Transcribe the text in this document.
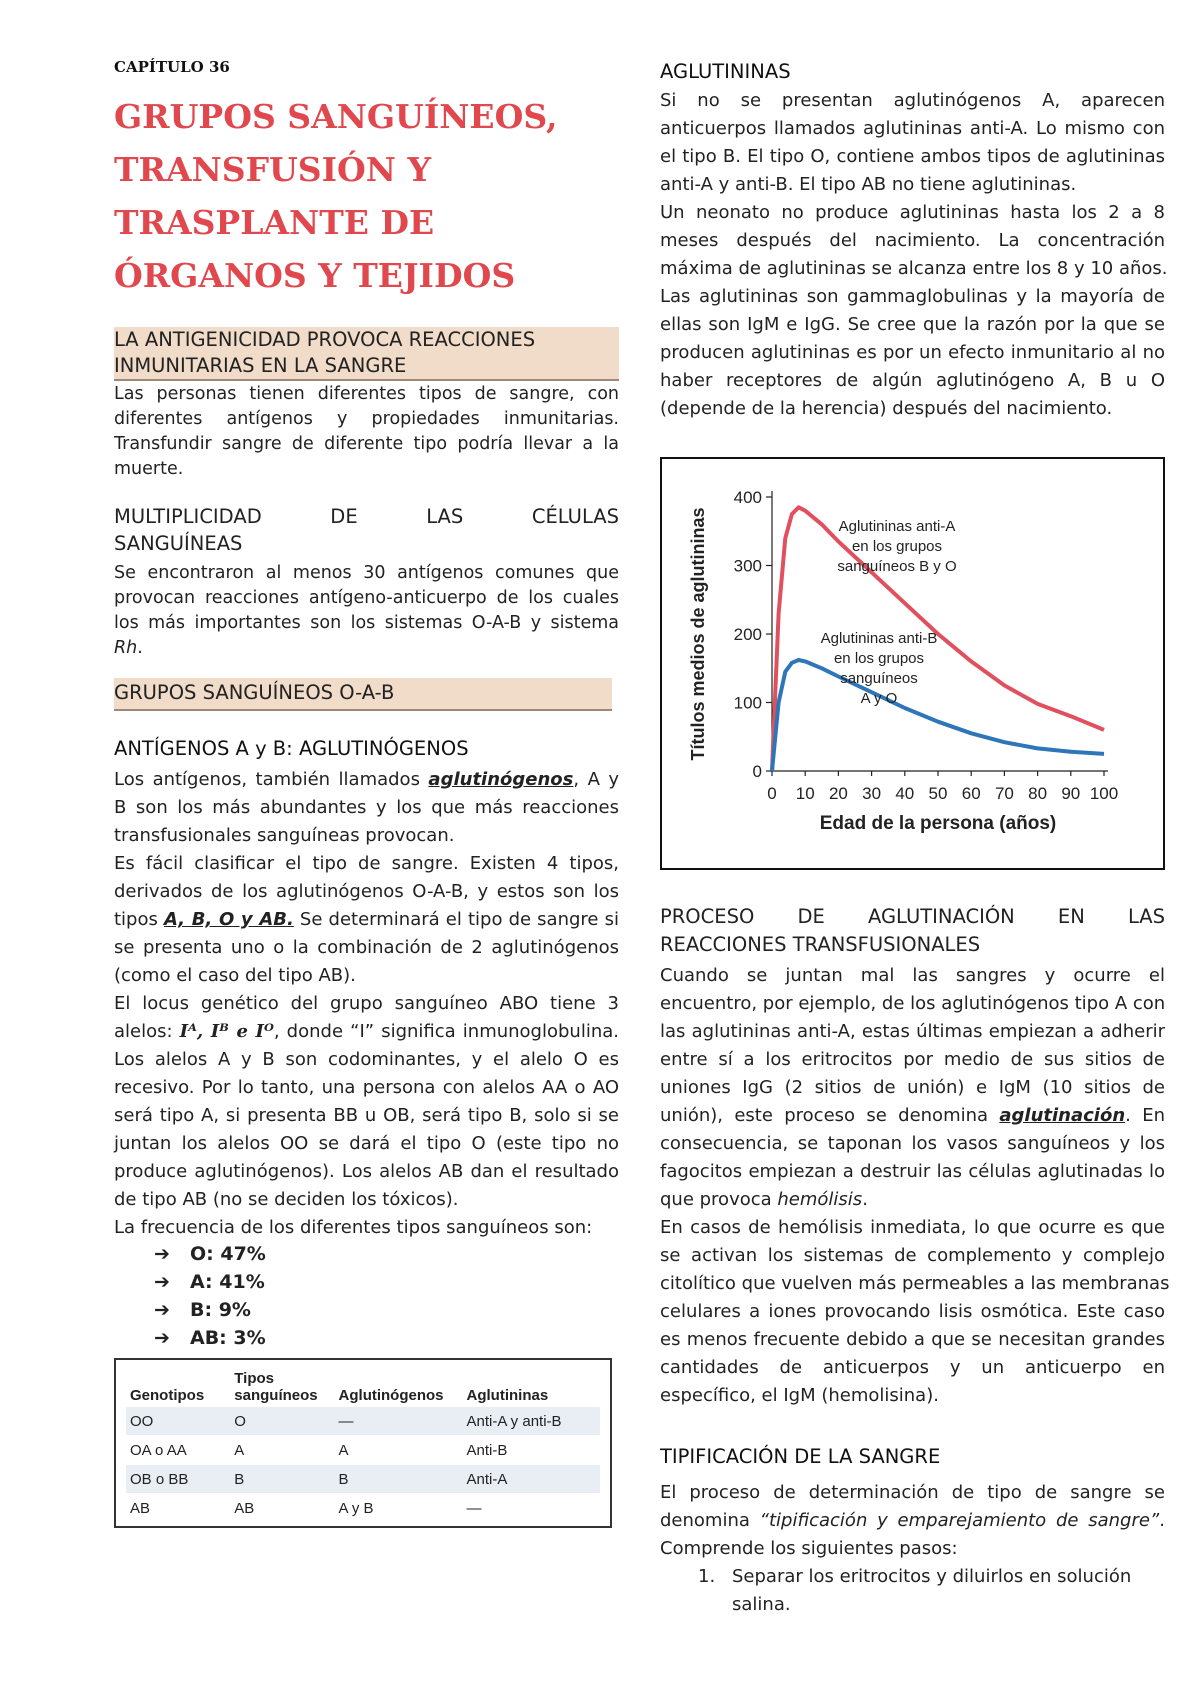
CAPÍTULO 36
GRUPOS SANGUÍNEOS,
TRANSFUSIÓN Y
TRASPLANTE DE
ÓRGANOS Y TEJIDOS
LA ANTIGENICIDAD PROVOCA REACCIONES
INMUNITARIAS EN LA SANGRE
Las personas tienen diferentes tipos de sangre, con
diferentes antígenos y propiedades inmunitarias.
Transfundir sangre de diferente tipo podría llevar a la
muerte.
MULTIPLICIDAD DE LAS CÉLULAS
SANGUÍNEAS
Se encontraron al menos 30 antígenos comunes que
provocan reacciones antígeno-anticuerpo de los cuales
los más importantes son los sistemas O-A-B y sistema
Rh.
GRUPOS SANGUÍNEOS O-A-B
ANTÍGENOS A y B: AGLUTINÓGENOS
Los antígenos, también llamados aglutinógenos, A y
B son los más abundantes y los que más reacciones
transfusionales sanguíneas provocan.
Es fácil clasificar el tipo de sangre. Existen 4 tipos,
derivados de los aglutinógenos O-A-B, y estos son los
tipos A, B, O y AB. Se determinará el tipo de sangre si
se presenta uno o la combinación de 2 aglutinógenos
(como el caso del tipo AB).
El locus genético del grupo sanguíneo ABO tiene 3
alelos: Iᴬ, Iᴮ e Iᴼ, donde “I” significa inmunoglobulina.
Los alelos A y B son codominantes, y el alelo O es
recesivo. Por lo tanto, una persona con alelos AA o AO
será tipo A, si presenta BB u OB, será tipo B, solo si se
juntan los alelos OO se dará el tipo O (este tipo no
produce aglutinógenos). Los alelos AB dan el resultado
de tipo AB (no se deciden los tóxicos).
La frecuencia de los diferentes tipos sanguíneos son:
➔ O: 47%
➔ A: 41%
➔ B: 9%
➔ AB: 3%
Genotipos	Tipos sanguíneos	Aglutinógenos	Aglutininas
OO	O	—	Anti-A y anti-B
OA o AA	A	A	Anti-B
OB o BB	B	B	Anti-A
AB	AB	A y B	—
AGLUTININAS
Si no se presentan aglutinógenos A, aparecen
anticuerpos llamados aglutininas anti-A. Lo mismo con
el tipo B. El tipo O, contiene ambos tipos de aglutininas
anti-A y anti-B. El tipo AB no tiene aglutininas.
Un neonato no produce aglutininas hasta los 2 a 8
meses después del nacimiento. La concentración
máxima de aglutininas se alcanza entre los 8 y 10 años.
Las aglutininas son gammaglobulinas y la mayoría de
ellas son IgM e IgG. Se cree que la razón por la que se
producen aglutininas es por un efecto inmunitario al no
haber receptores de algún aglutinógeno A, B u O
(depende de la herencia) después del nacimiento.
0
100
200
300
400
0 10 20 30 40 50 60 70 80 90 100
Edad de la persona (años)
Títulos medios de aglutininas	Aglutininas anti-A
en los grupos
sanguíneos B y O
Aglutininas anti-B
en los grupos
sanguíneos
A y O
PROCESO DE AGLUTINACIÓN EN LAS
REACCIONES TRANSFUSIONALES
Cuando se juntan mal las sangres y ocurre el
encuentro, por ejemplo, de los aglutinógenos tipo A con
las aglutininas anti-A, estas últimas empiezan a adherir
entre sí a los eritrocitos por medio de sus sitios de
uniones IgG (2 sitios de unión) e IgM (10 sitios de
unión), este proceso se denomina aglutinación. En
consecuencia, se taponan los vasos sanguíneos y los
fagocitos empiezan a destruir las células aglutinadas lo
que provoca hemólisis.
En casos de hemólisis inmediata, lo que ocurre es que
se activan los sistemas de complemento y complejo
citolítico que vuelven más permeables a las membranas
celulares a iones provocando lisis osmótica. Este caso
es menos frecuente debido a que se necesitan grandes
cantidades de anticuerpos y un anticuerpo en
específico, el IgM (hemolisina).
TIPIFICACIÓN DE LA SANGRE
El proceso de determinación de tipo de sangre se
denomina “tipificación y emparejamiento de sangre”.
Comprende los siguientes pasos:
1. Separar los eritrocitos y diluirlos en solución salina.
